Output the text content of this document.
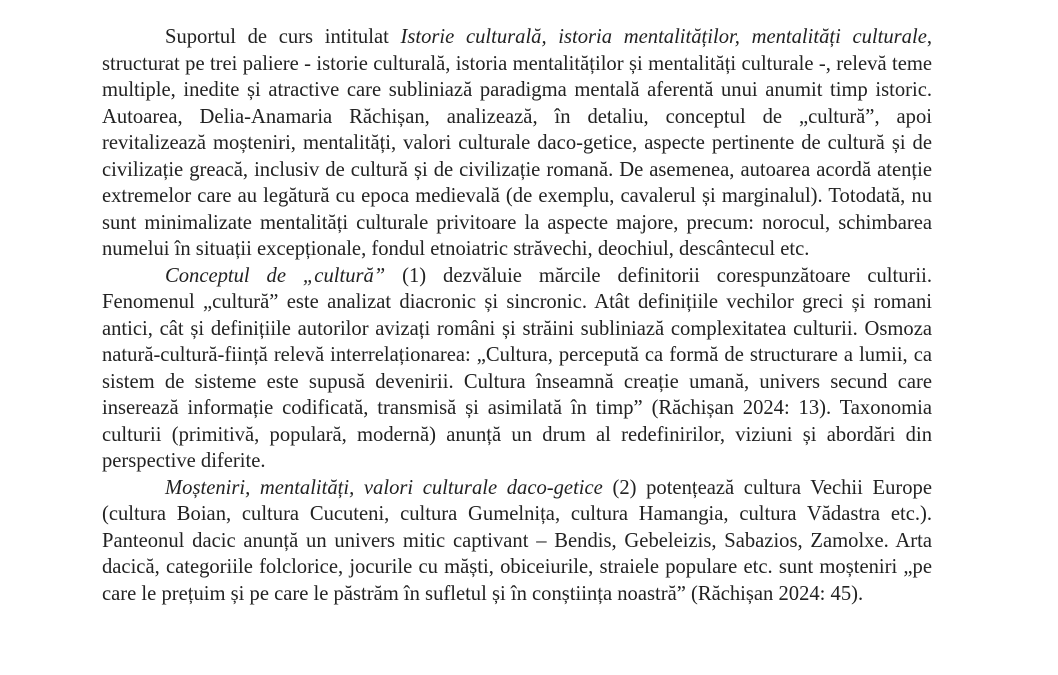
Suportul de curs intitulat Istorie culturală, istoria mentalităților, mentalități culturale, structurat pe trei paliere - istorie culturală, istoria mentalităților și mentalități culturale -, relevă teme multiple, inedite și atractive care subliniază paradigma mentală aferentă unui anumit timp istoric. Autoarea, Delia-Anamaria Răchișan, analizează, în detaliu, conceptul de „cultură”, apoi revitalizează moșteniri, mentalități, valori culturale daco-getice, aspecte pertinente de cultură și de civilizație greacă, inclusiv de cultură și de civilizație romană. De asemenea, autoarea acordă atenție extremelor care au legătură cu epoca medievală (de exemplu, cavalerul și marginalul). Totodată, nu sunt minimalizate mentalități culturale privitoare la aspecte majore, precum: norocul, schimbarea numelui în situații excepționale, fondul etnoiatric străvechi, deochiul, descântecul etc.

Conceptul de „cultură” (1) dezvăluie mărcile definitorii corespunzătoare culturii. Fenomenul „cultură” este analizat diacronic și sincronic. Atât definițiile vechilor greci și romani antici, cât și definițiile autorilor avizați români și străini subliniază complexitatea culturii. Osmoza natură-cultură-ființă relevă interrelaționarea: „Cultura, percepută ca formă de structurare a lumii, ca sistem de sisteme este supusă devenirii. Cultura înseamnă creație umană, univers secund care inserează informație codificată, transmisă și asimilată în timp” (Răchișan 2024: 13). Taxonomia culturii (primitivă, populară, modernă) anunță un drum al redefinirilor, viziuni și abordări din perspective diferite.

Moșteniri, mentalități, valori culturale daco-getice (2) potențează cultura Vechii Europe (cultura Boian, cultura Cucuteni, cultura Gumelnița, cultura Hamangia, cultura Vădastra etc.). Panteonul dacic anunță un univers mitic captivant – Bendis, Gebeleizis, Sabazios, Zamolxe. Arta dacică, categoriile folclorice, jocurile cu măști, obiceiurile, straiele populare etc. sunt moșteniri „pe care le prețuim și pe care le păstrăm în sufletul și în conștiința noastră” (Răchișan 2024: 45).
